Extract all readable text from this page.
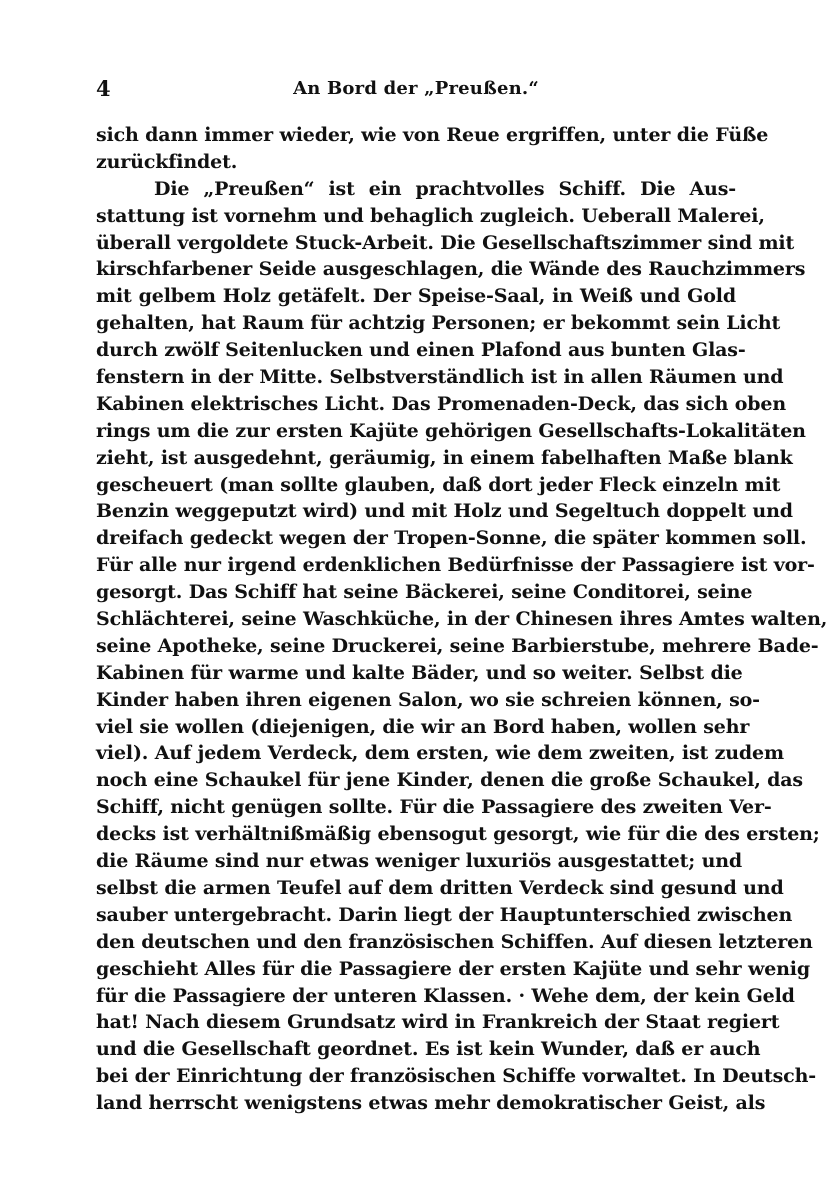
4	An Bord der „Preußen.“
sich dann immer wieder, wie von Reue ergriffen, unter die Füße
zurückfindet.
Die „Preußen“ ist ein prachtvolles Schiff. Die Aus-
stattung ist vornehm und behaglich zugleich. Ueberall Malerei,
überall vergoldete Stuck-Arbeit. Die Gesellschaftszimmer sind mit
kirschfarbener Seide ausgeschlagen, die Wände des Rauchzimmers
mit gelbem Holz getäfelt. Der Speise-Saal, in Weiß und Gold
gehalten, hat Raum für achtzig Personen; er bekommt sein Licht
durch zwölf Seitenlucken und einen Plafond aus bunten Glas-
fenstern in der Mitte. Selbstverständlich ist in allen Räumen und
Kabinen elektrisches Licht. Das Promenaden-Deck, das sich oben
rings um die zur ersten Kajüte gehörigen Gesellschafts-Lokalitäten
zieht, ist ausgedehnt, geräumig, in einem fabelhaften Maße blank
gescheuert (man sollte glauben, daß dort jeder Fleck einzeln mit
Benzin weggeputzt wird) und mit Holz und Segeltuch doppelt und
dreifach gedeckt wegen der Tropen-Sonne, die später kommen soll.
Für alle nur irgend erdenklichen Bedürfnisse der Passagiere ist vor-
gesorgt. Das Schiff hat seine Bäckerei, seine Conditorei, seine
Schlächterei, seine Waschküche, in der Chinesen ihres Amtes walten,
seine Apotheke, seine Druckerei, seine Barbierstube, mehrere Bade-
Kabinen für warme und kalte Bäder, und so weiter. Selbst die
Kinder haben ihren eigenen Salon, wo sie schreien können, so-
viel sie wollen (diejenigen, die wir an Bord haben, wollen sehr
viel). Auf jedem Verdeck, dem ersten, wie dem zweiten, ist zudem
noch eine Schaukel für jene Kinder, denen die große Schaukel, das
Schiff, nicht genügen sollte. Für die Passagiere des zweiten Ver-
decks ist verhältnißmäßig ebensogut gesorgt, wie für die des ersten;
die Räume sind nur etwas weniger luxuriös ausgestattet; und
selbst die armen Teufel auf dem dritten Verdeck sind gesund und
sauber untergebracht. Darin liegt der Hauptunterschied zwischen
den deutschen und den französischen Schiffen. Auf diesen letzteren
geschieht Alles für die Passagiere der ersten Kajüte und sehr wenig
für die Passagiere der unteren Klassen. · Wehe dem, der kein Geld
hat! Nach diesem Grundsatz wird in Frankreich der Staat regiert
und die Gesellschaft geordnet. Es ist kein Wunder, daß er auch
bei der Einrichtung der französischen Schiffe vorwaltet. In Deutsch-
land herrscht wenigstens etwas mehr demokratischer Geist, als
